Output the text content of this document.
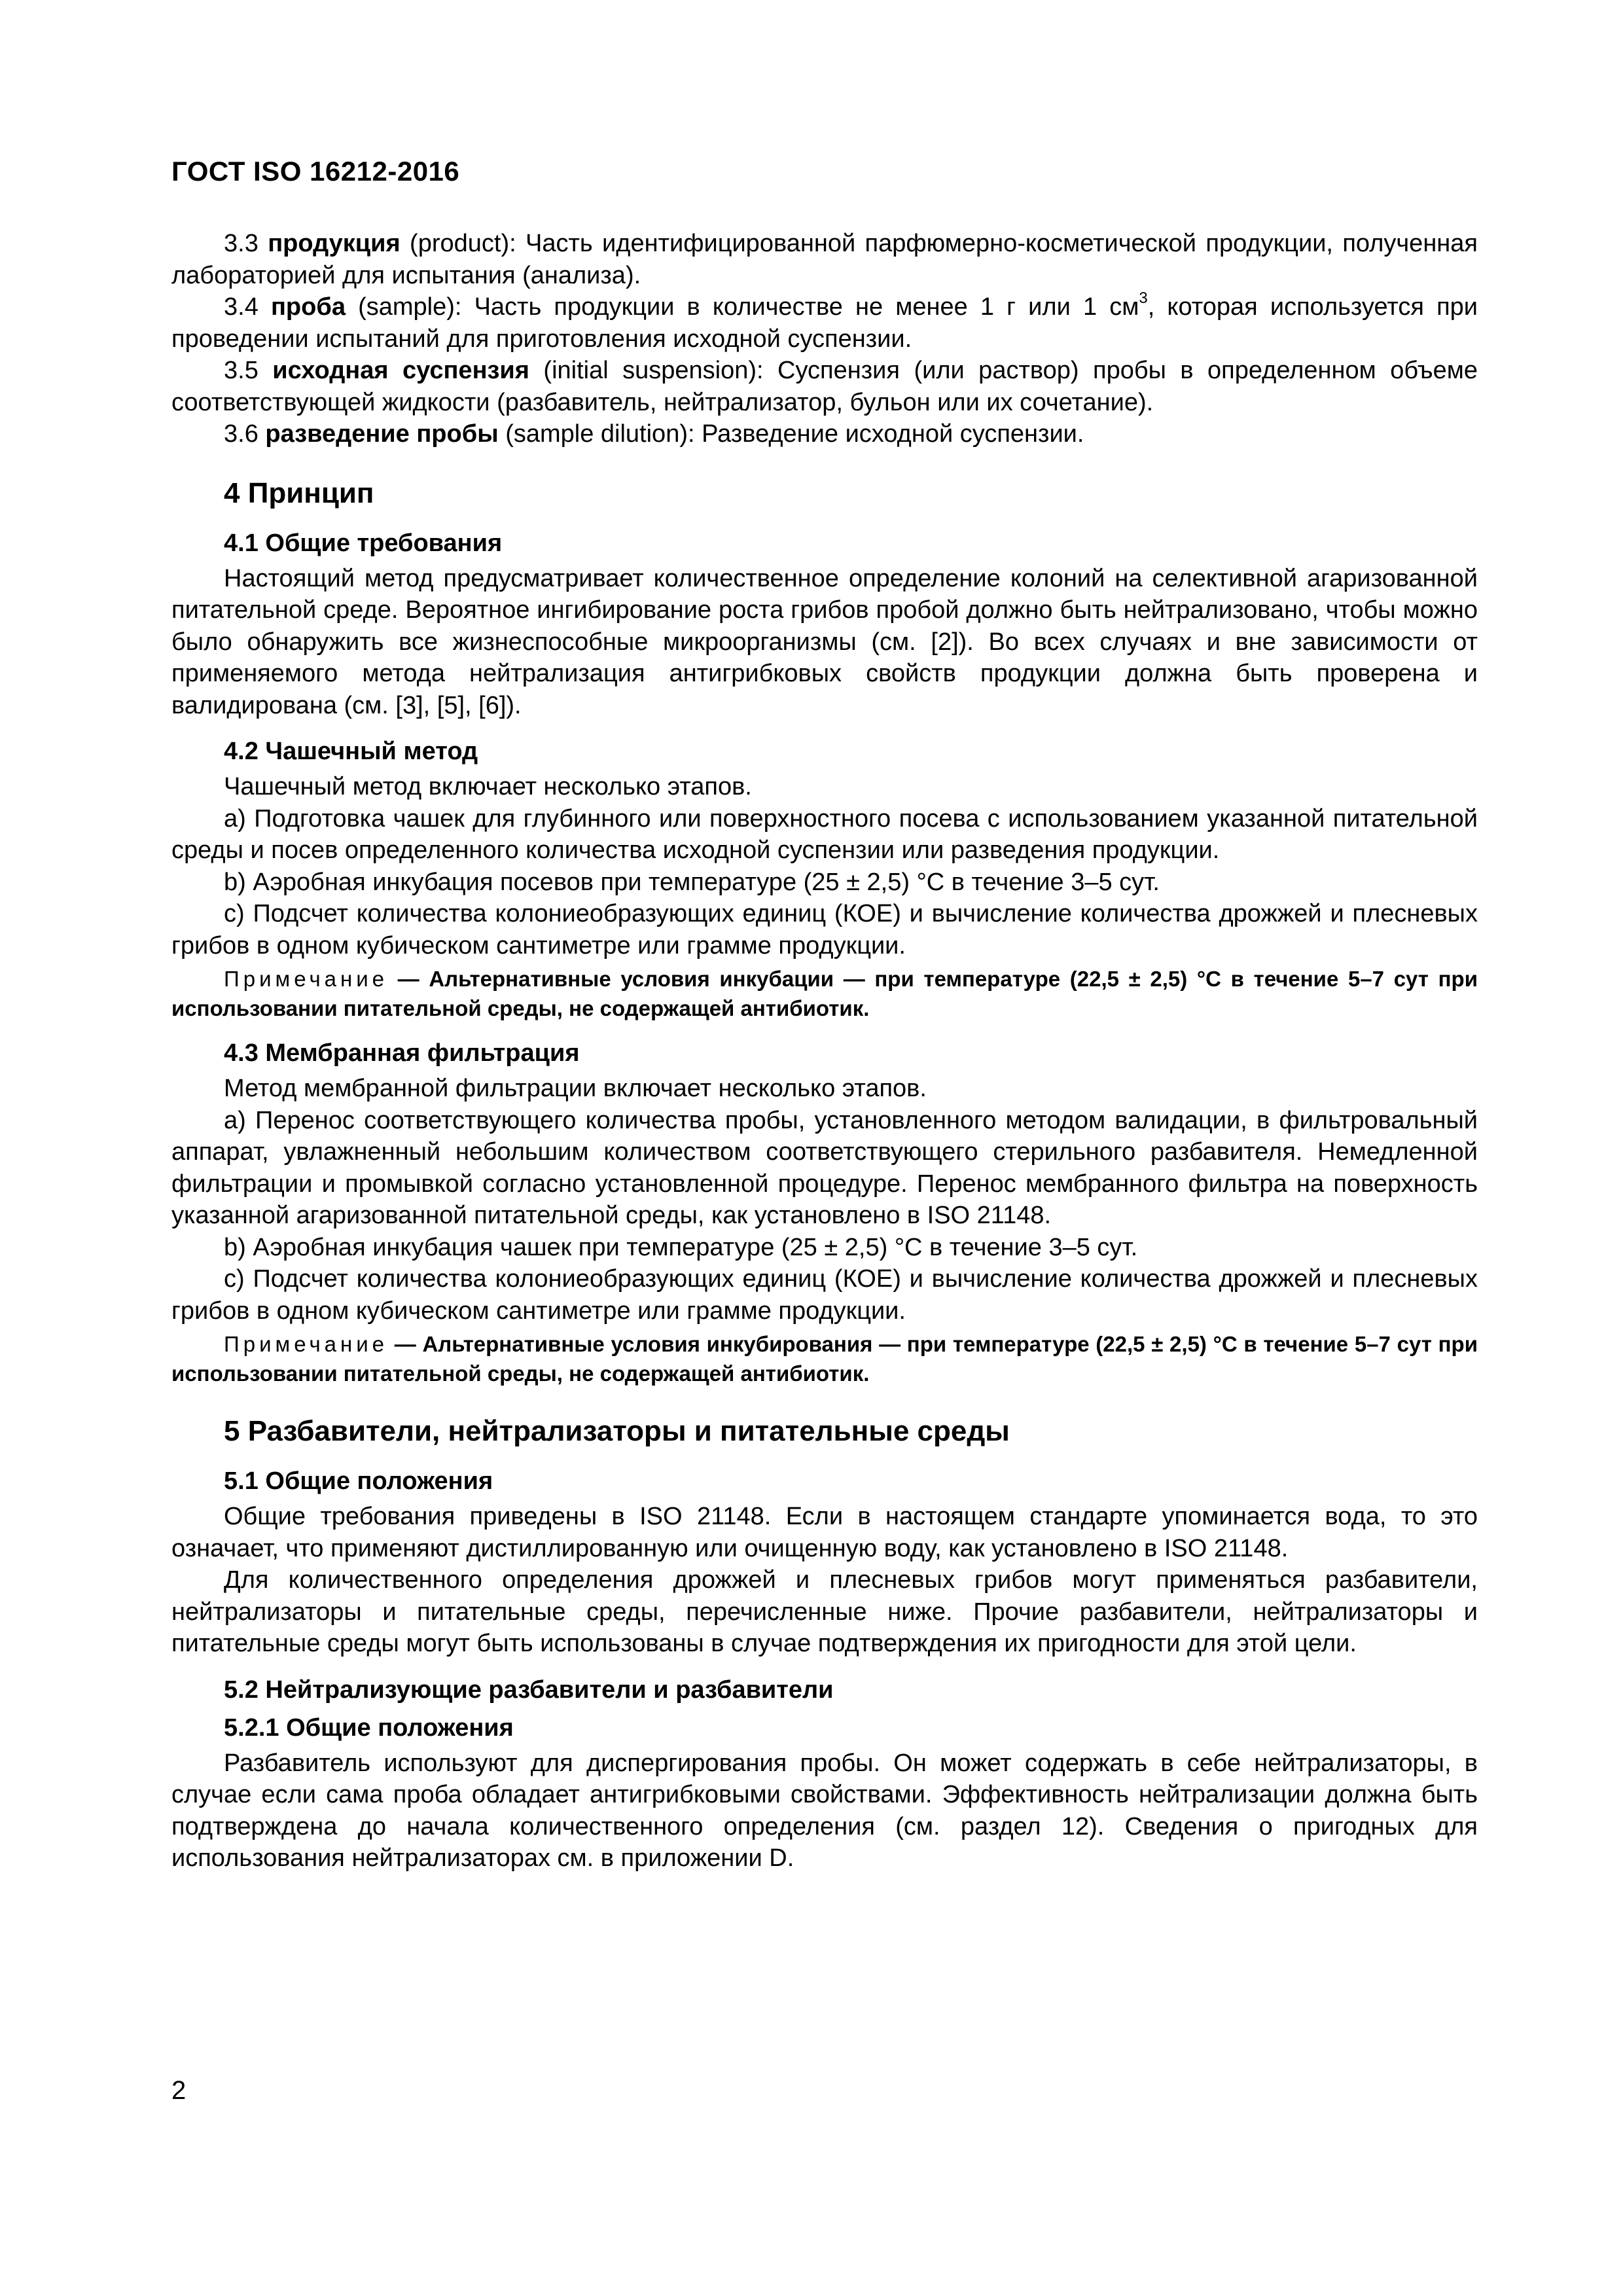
ГОСТ ISO 16212-2016

3.3 продукция (product): Часть идентифицированной парфюмерно-косметической продукции, полученная лабораторией для испытания (анализа).

3.4 проба (sample): Часть продукции в количестве не менее 1 г или 1 $см^3$, которая используется при проведении испытаний для приготовления исходной суспензии.

3.5 исходная суспензия (initial suspension): Суспензия (или раствор) пробы в определенном объеме соответствующей жидкости (разбавитель, нейтрализатор, бульон или их сочетание).

3.6 разведение пробы (sample dilution): Разведение исходной суспензии.

4 Принцип
4.1 Общие требования

Настоящий метод предусматривает количественное определение колоний на селективной агаризованной питательной среде. Вероятное ингибирование роста грибов пробой должно быть нейтрализовано, чтобы можно было обнаружить все жизнеспособные микроорганизмы (см. [2]). Во всех случаях и вне зависимости от применяемого метода нейтрализация антигрибковых свойств продукции должна быть проверена и валидирована (см. [3], [5], [6]).

4.2 Чашечный метод

Чашечный метод включает несколько этапов.

a) Подготовка чашек для глубинного или поверхностного посева с использованием указанной питательной среды и посев определенного количества исходной суспензии или разведения продукции.

b) Аэробная инкубация посевов при температуре (25 ± 2,5) °С в течение 3–5 сут.

c) Подсчет количества колониеобразующих единиц (КОЕ) и вычисление количества дрожжей и плесневых грибов в одном кубическом сантиметре или грамме продукции.

Примечание — Альтернативные условия инкубации — при температуре (22,5 ± 2,5) °С в течение 5–7 сут при использовании питательной среды, не содержащей антибиотик.

4.3 Мембранная фильтрация

Метод мембранной фильтрации включает несколько этапов.

a) Перенос соответствующего количества пробы, установленного методом валидации, в фильтровальный аппарат, увлажненный небольшим количеством соответствующего стерильного разбавителя. Немедленной фильтрации и промывкой согласно установленной процедуре. Перенос мембранного фильтра на поверхность указанной агаризованной питательной среды, как установлено в ISO 21148.

b) Аэробная инкубация чашек при температуре (25 ± 2,5) °С в течение 3–5 сут.

c) Подсчет количества колониеобразующих единиц (КОЕ) и вычисление количества дрожжей и плесневых грибов в одном кубическом сантиметре или грамме продукции.

Примечание — Альтернативные условия инкубирования — при температуре (22,5 ± 2,5) °С в течение 5–7 сут при использовании питательной среды, не содержащей антибиотик.

5 Разбавители, нейтрализаторы и питательные среды
5.1 Общие положения

Общие требования приведены в ISO 21148. Если в настоящем стандарте упоминается вода, то это означает, что применяют дистиллированную или очищенную воду, как установлено в ISO 21148.

Для количественного определения дрожжей и плесневых грибов могут применяться разбавители, нейтрализаторы и питательные среды, перечисленные ниже. Прочие разбавители, нейтрализаторы и питательные среды могут быть использованы в случае подтверждения их пригодности для этой цели.

5.2 Нейтрализующие разбавители и разбавители
5.2.1 Общие положения

Разбавитель используют для диспергирования пробы. Он может содержать в себе нейтрализаторы, в случае если сама проба обладает антигрибковыми свойствами. Эффективность нейтрализации должна быть подтверждена до начала количественного определения (см. раздел 12). Сведения о пригодных для использования нейтрализаторах см. в приложении D.

2
